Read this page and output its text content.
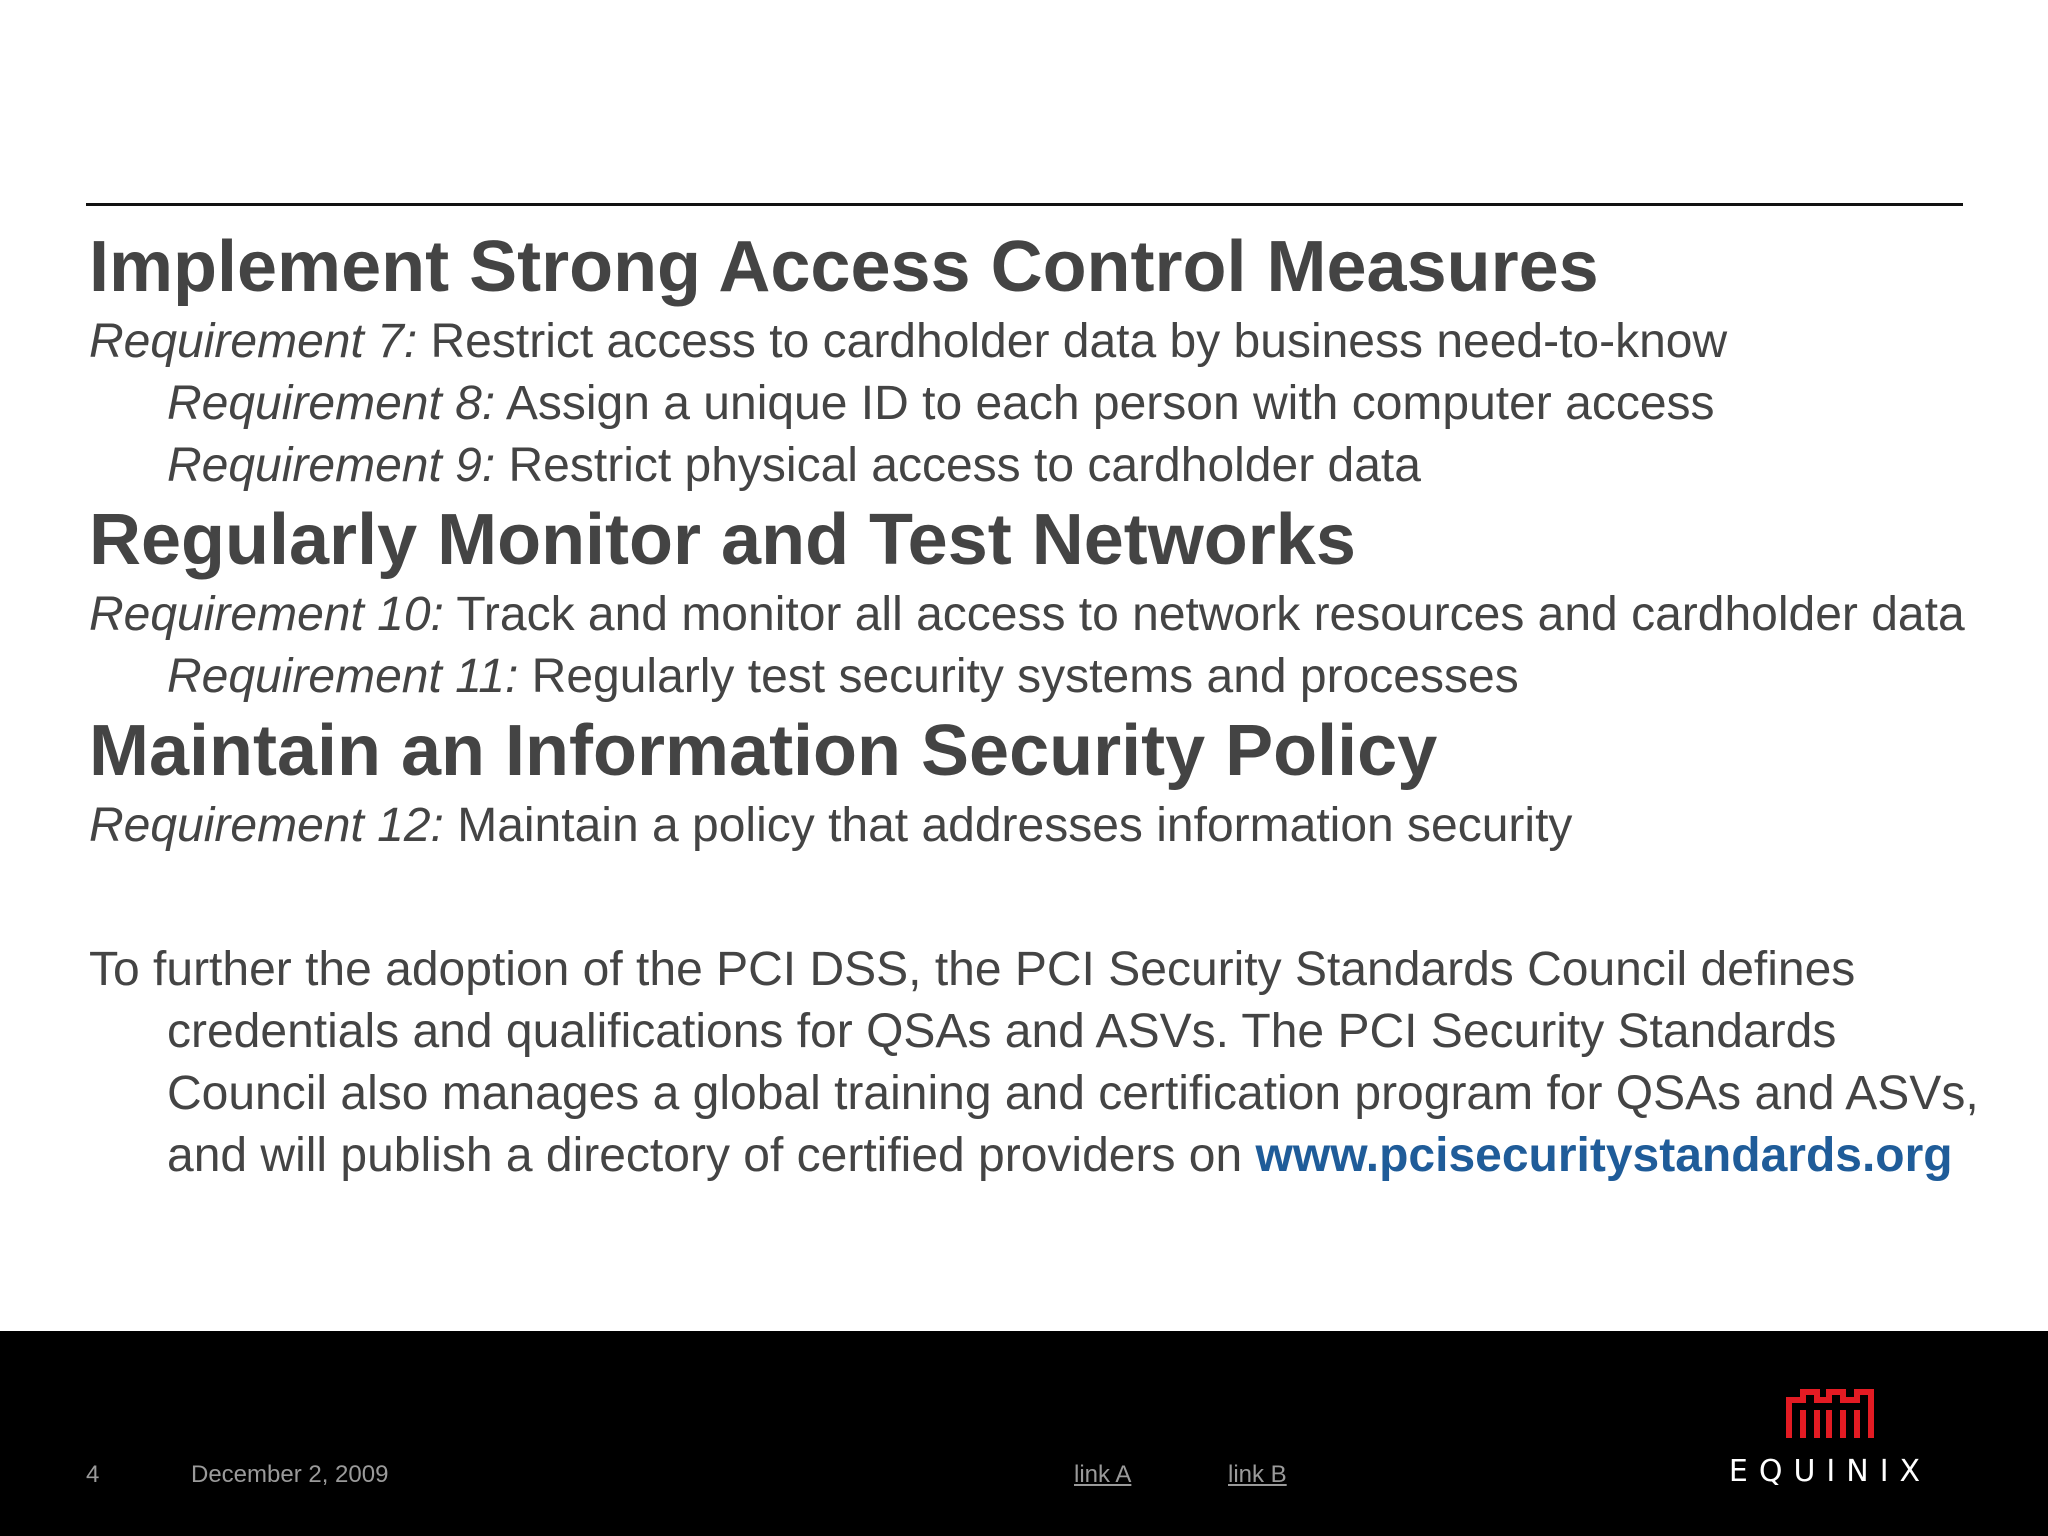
Implement Strong Access Control Measures

Requirement 7: Restrict access to cardholder data by business need-to-know

Requirement 8: Assign a unique ID to each person with computer access

Requirement 9: Restrict physical access to cardholder data

Regularly Monitor and Test Networks

Requirement 10: Track and monitor all access to network resources and cardholder data

Requirement 11: Regularly test security systems and processes

Maintain an Information Security Policy

Requirement 12: Maintain a policy that addresses information security

To further the adoption of the PCI DSS, the PCI Security Standards Council defines credentials and qualifications for QSAs and ASVs. The PCI Security Standards Council also manages a global training and certification program for QSAs and ASVs, and will publish a directory of certified providers on www.pcisecuritystandards.org

4	December 2, 2009	link A	link B	EQUINIX
